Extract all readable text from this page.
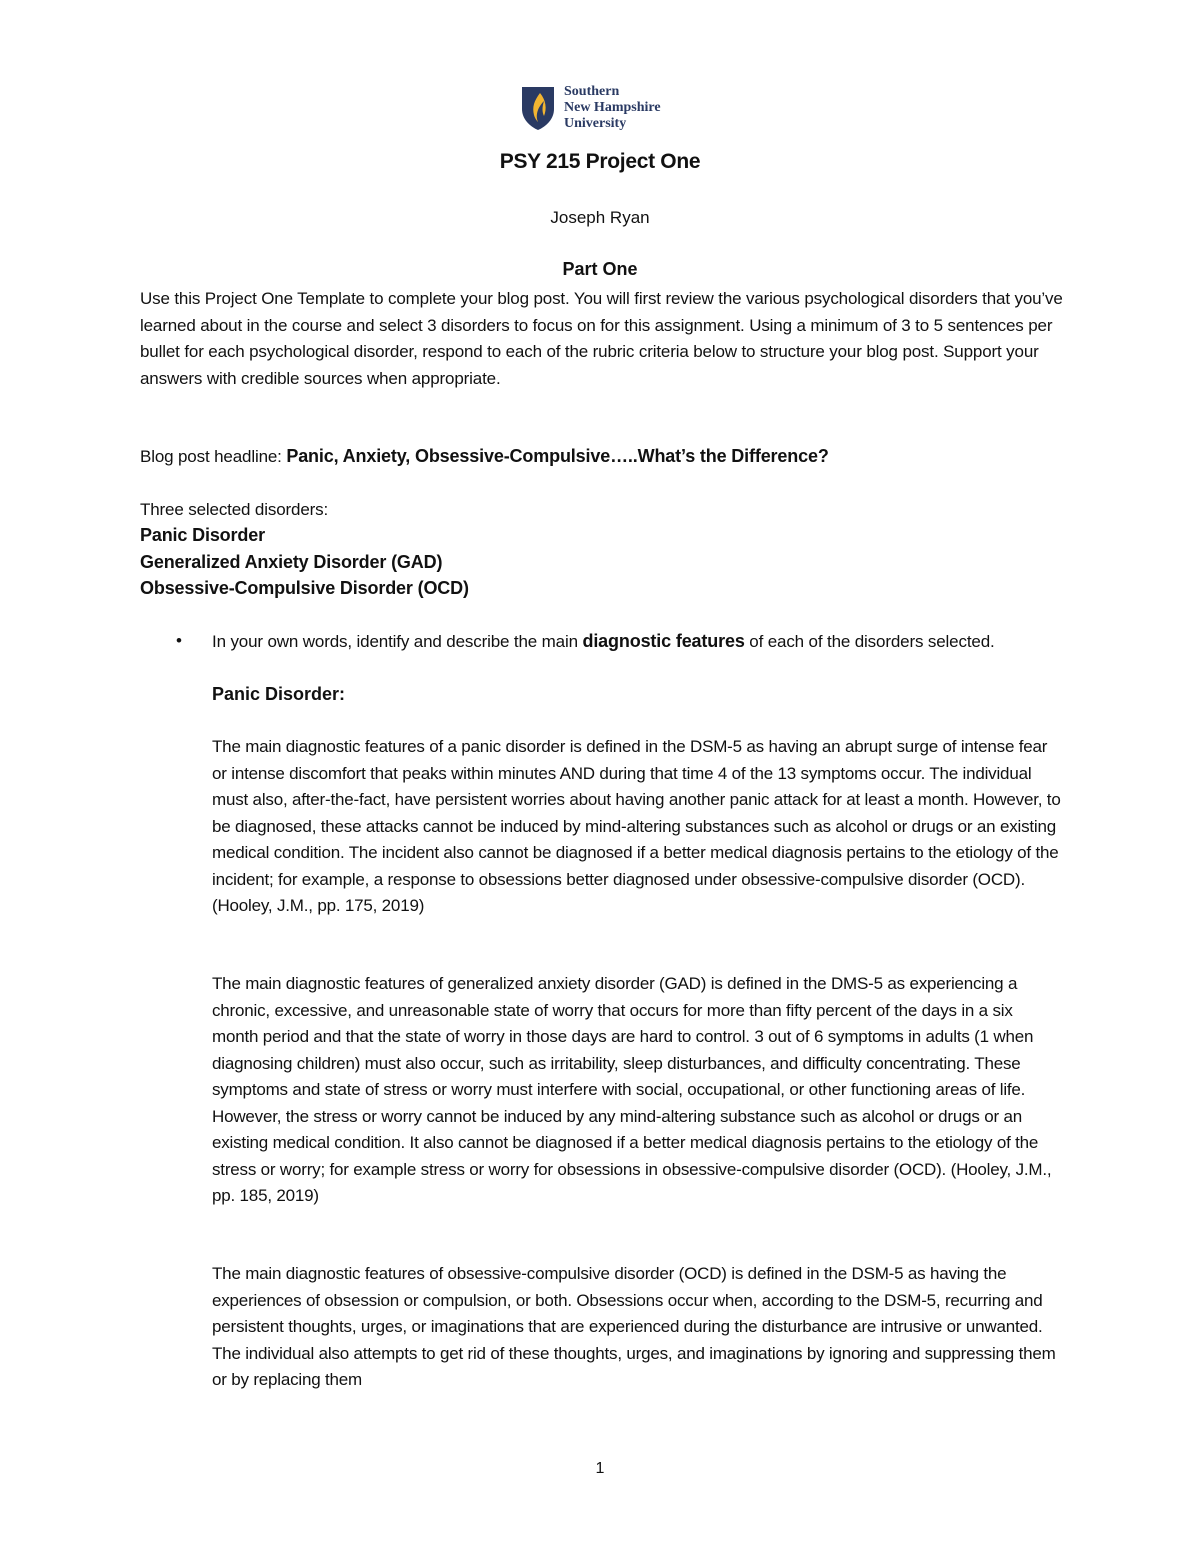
Southern
New Hampshire
University
PSY 215 Project One
Joseph Ryan
Part One
Use this Project One Template to complete your blog post. You will first review the various psychological disorders that you’ve learned about in the course and select 3 disorders to focus on for this assignment. Using a minimum of 3 to 5 sentences per bullet for each psychological disorder, respond to each of the rubric criteria below to structure your blog post. Support your answers with credible sources when appropriate.
Blog post headline: Panic, Anxiety, Obsessive-Compulsive…..What’s the Difference?
Three selected disorders:
Panic Disorder
Generalized Anxiety Disorder (GAD)
Obsessive-Compulsive Disorder (OCD)
• In your own words, identify and describe the main diagnostic features of each of the disorders selected.
Panic Disorder:
The main diagnostic features of a panic disorder is defined in the DSM-5 as having an abrupt surge of intense fear or intense discomfort that peaks within minutes AND during that time 4 of the 13 symptoms occur. The individual must also, after-the-fact, have persistent worries about having another panic attack for at least a month. However, to be diagnosed, these attacks cannot be induced by mind-altering substances such as alcohol or drugs or an existing medical condition. The incident also cannot be diagnosed if a better medical diagnosis pertains to the etiology of the incident; for example, a response to obsessions better diagnosed under obsessive-compulsive disorder (OCD). (Hooley, J.M., pp. 175, 2019)
The main diagnostic features of generalized anxiety disorder (GAD) is defined in the DMS-5 as experiencing a chronic, excessive, and unreasonable state of worry that occurs for more than fifty percent of the days in a six month period and that the state of worry in those days are hard to control. 3 out of 6 symptoms in adults (1 when diagnosing children) must also occur, such as irritability, sleep disturbances, and difficulty concentrating. These symptoms and state of stress or worry must interfere with social, occupational, or other functioning areas of life. However, the stress or worry cannot be induced by any mind-altering substance such as alcohol or drugs or an existing medical condition. It also cannot be diagnosed if a better medical diagnosis pertains to the etiology of the stress or worry; for example stress or worry for obsessions in obsessive-compulsive disorder (OCD). (Hooley, J.M., pp. 185, 2019)
The main diagnostic features of obsessive-compulsive disorder (OCD) is defined in the DSM-5 as having the experiences of obsession or compulsion, or both. Obsessions occur when, according to the DSM-5, recurring and persistent thoughts, urges, or imaginations that are experienced during the disturbance are intrusive or unwanted. The individual also attempts to get rid of these thoughts, urges, and imaginations by ignoring and suppressing them or by replacing them
1
